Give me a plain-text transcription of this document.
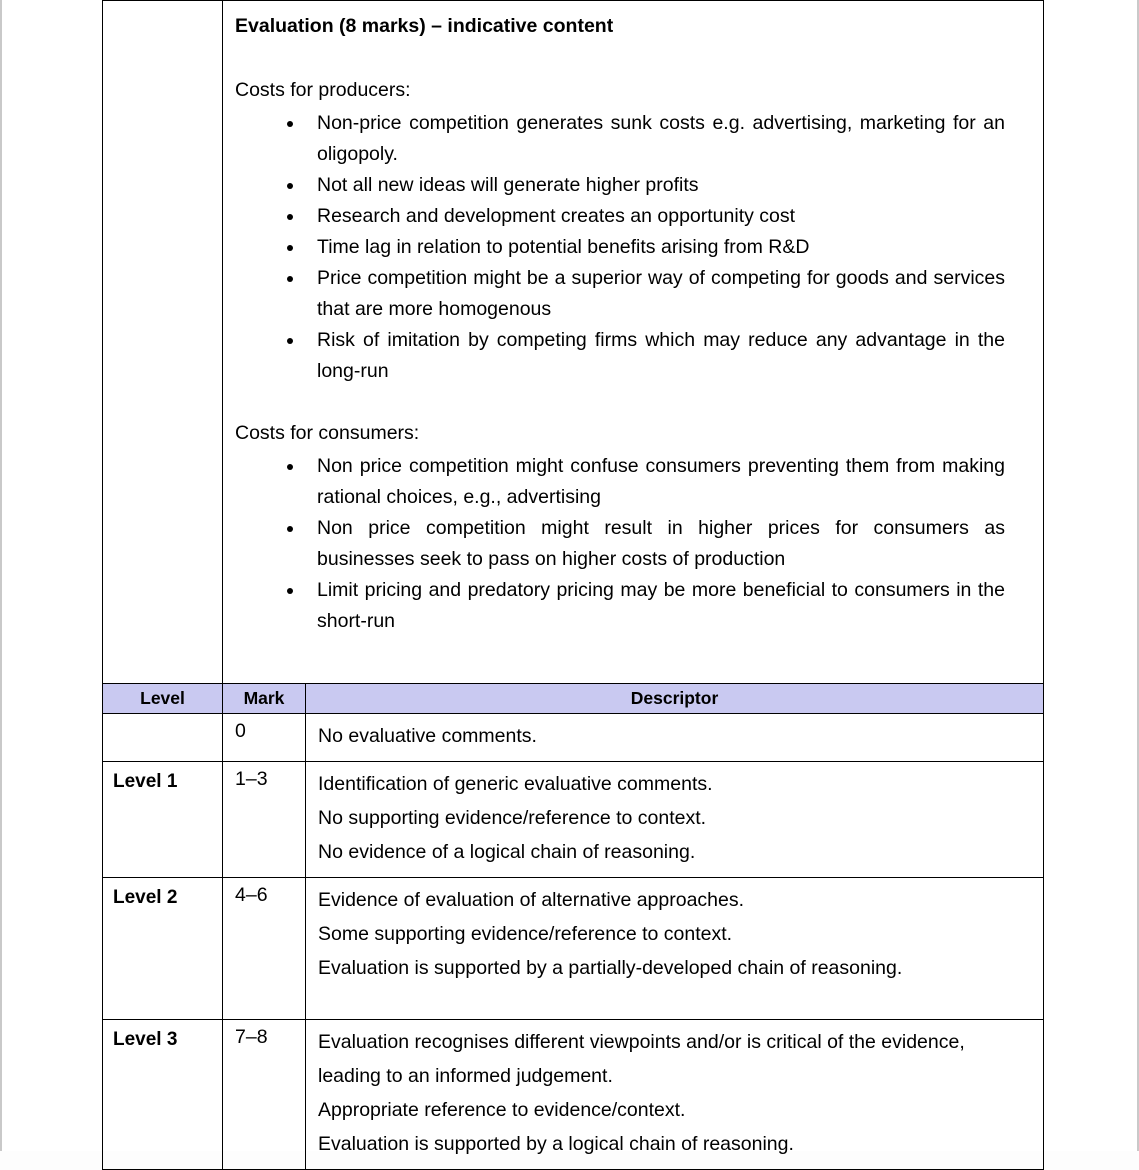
Evaluation (8 marks) – indicative content
Costs for producers:
• Non-price competition generates sunk costs e.g. advertising, marketing for an oligopoly.
• Not all new ideas will generate higher profits
• Research and development creates an opportunity cost
• Time lag in relation to potential benefits arising from R&D
• Price competition might be a superior way of competing for goods and services that are more homogenous
• Risk of imitation by competing firms which may reduce any advantage in the long-run
Costs for consumers:
• Non price competition might confuse consumers preventing them from making rational choices, e.g., advertising
• Non price competition might result in higher prices for consumers as businesses seek to pass on higher costs of production
• Limit pricing and predatory pricing may be more beneficial to consumers in the short-run

Level	Mark	Descriptor
	0	No evaluative comments.

Level 1	1–3	Identification of generic evaluative comments.

No supporting evidence/reference to context.

No evidence of a logical chain of reasoning.

Level 2	4–6	Evidence of evaluation of alternative approaches.

Some supporting evidence/reference to context.

Evaluation is supported by a partially-developed chain of reasoning.

Level 3	7–8	Evaluation recognises different viewpoints and/or is critical of the evidence, leading to an informed judgement.

Appropriate reference to evidence/context.

Evaluation is supported by a logical chain of reasoning.
